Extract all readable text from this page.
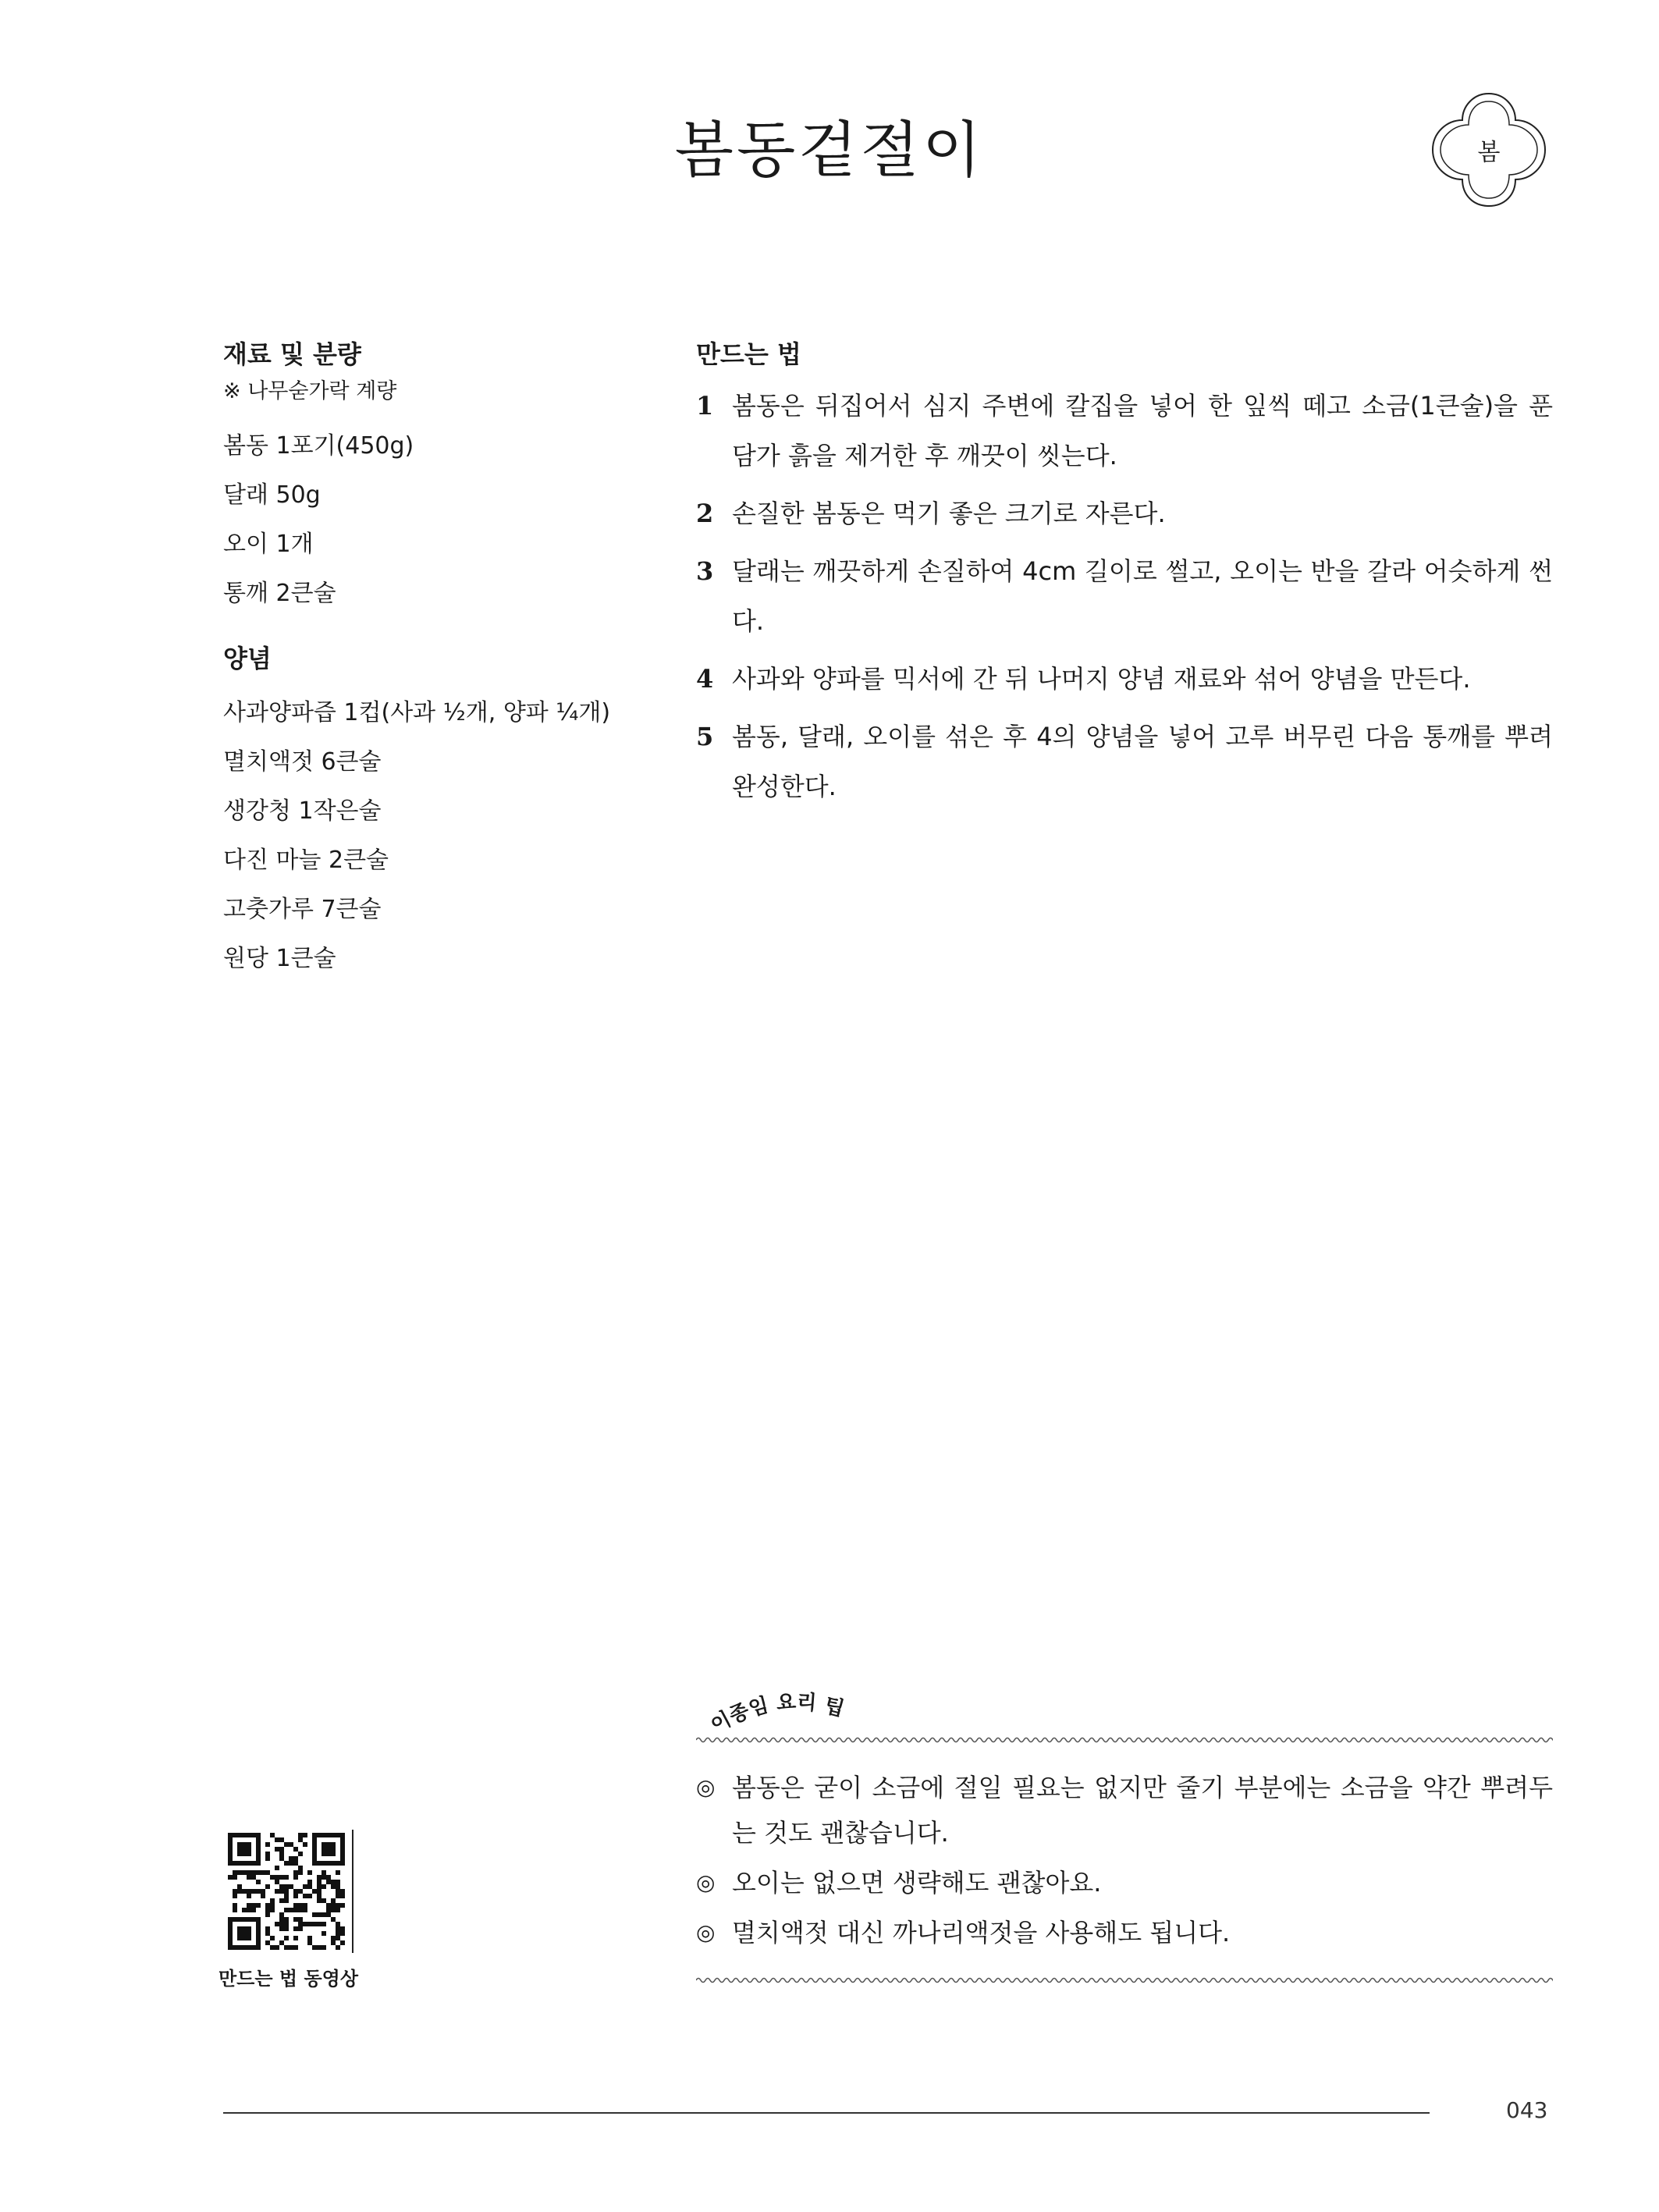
봄동겉절이	봄
재료 및 분량
※ 나무숟가락 계량
봄동 1포기(450g)
달래 50g
오이 1개
통깨 2큰술
양념
사과양파즙 1컵(사과 ½개, 양파 ¼개)
멸치액젓 6큰술
생강청 1작은술
다진 마늘 2큰술
고춧가루 7큰술
원당 1큰술
만드는 법
1 봄동은 뒤집어서 심지 주변에 칼집을 넣어 한 잎씩 떼고 소금(1큰술)을 푼 담가 흙을 제거한 후 깨끗이 씻는다.
2 손질한 봄동은 먹기 좋은 크기로 자른다.
3 달래는 깨끗하게 손질하여 4cm 길이로 썰고, 오이는 반을 갈라 어슷하게 썬다.
4 사과와 양파를 믹서에 간 뒤 나머지 양념 재료와 섞어 양념을 만든다.
5 봄동, 달래, 오이를 섞은 후 4의 양념을 넣어 고루 버무린 다음 통깨를 뿌려 완성한다.
이종임 요리 팁
◎ 봄동은 굳이 소금에 절일 필요는 없지만 줄기 부분에는 소금을 약간 뿌려두는 것도 괜찮습니다.
◎ 오이는 없으면 생략해도 괜찮아요.
◎ 멸치액젓 대신 까나리액젓을 사용해도 됩니다.
만드는 법 동영상
043
